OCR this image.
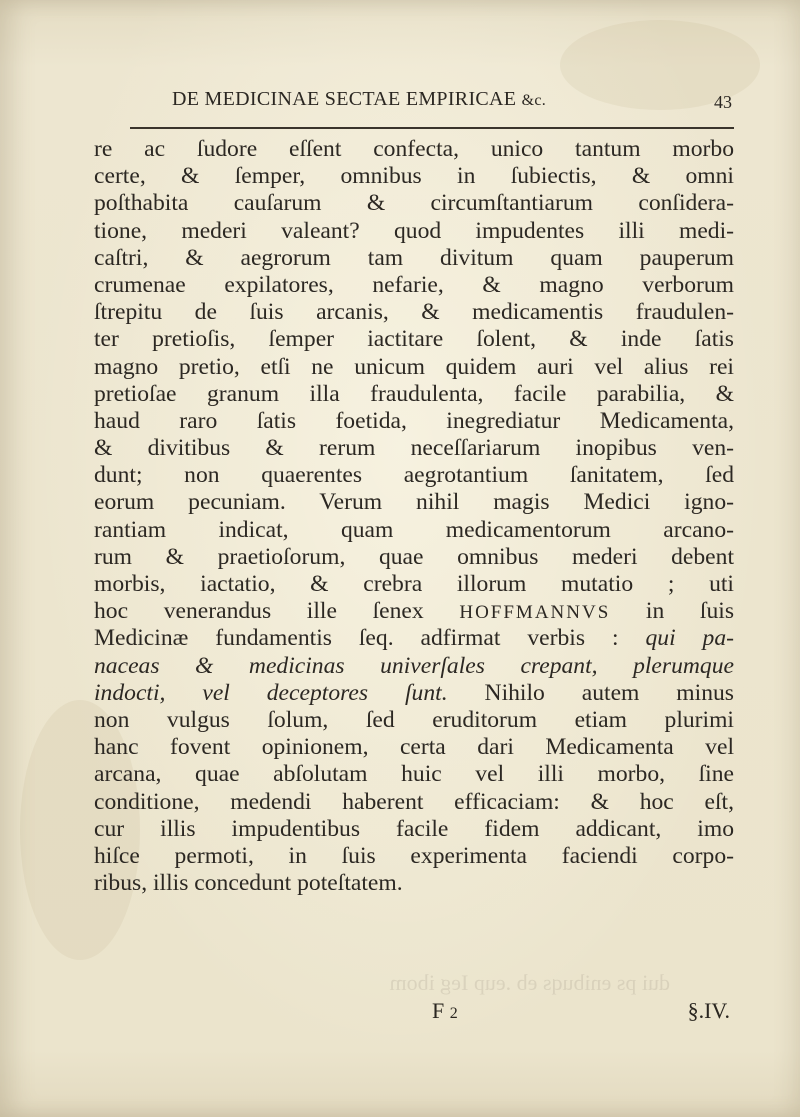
DE MEDICINAE SECTAE EMPIRICAE &c.	43
re ac ſudore eſſent confecta, unico tantum morbo
certe, & ſemper, omnibus in ſubiectis, & omni
poſthabita cauſarum & circumſtantiarum conſidera-
tione, mederi valeant? quod impudentes illi medi-
caſtri, & aegrorum tam divitum quam pauperum
crumenae expilatores, nefarie, & magno verborum
ſtrepitu de ſuis arcanis, & medicamentis fraudulen-
ter pretioſis, ſemper iactitare ſolent, & inde ſatis
magno pretio, etſi ne unicum quidem auri vel alius rei
pretioſae granum illa fraudulenta, facile parabilia, &
haud raro ſatis foetida, inegrediatur Medicamenta,
& divitibus & rerum neceſſariarum inopibus ven-
dunt; non quaerentes aegrotantium ſanitatem, ſed
eorum pecuniam. Verum nihil magis Medici igno-
rantiam indicat, quam medicamentorum arcano-
rum & praetioſorum, quae omnibus mederi debent
morbis, iactatio, & crebra illorum mutatio ; uti
hoc venerandus ille ſenex HOFFMANNVS in ſuis
Medicinæ fundamentis ſeq. adfirmat verbis : qui pa-
naceas & medicinas univerſales crepant, plerumque
indocti, vel deceptores ſunt. Nihilo autem minus
non vulgus ſolum, ſed eruditorum etiam plurimi
hanc fovent opinionem, certa dari Medicamenta vel
arcana, quae abſolutam huic vel illi morbo, ſine
conditione, medendi haberent efficaciam: & hoc eſt,
cur illis impudentibus facile fidem addicant, imo
hiſce permoti, in ſuis experimenta faciendi corpo-
ribus, illis concedunt poteſtatem.
dui ps enibuqs eb .eup Ieg ibom
F 2	§.IV.
